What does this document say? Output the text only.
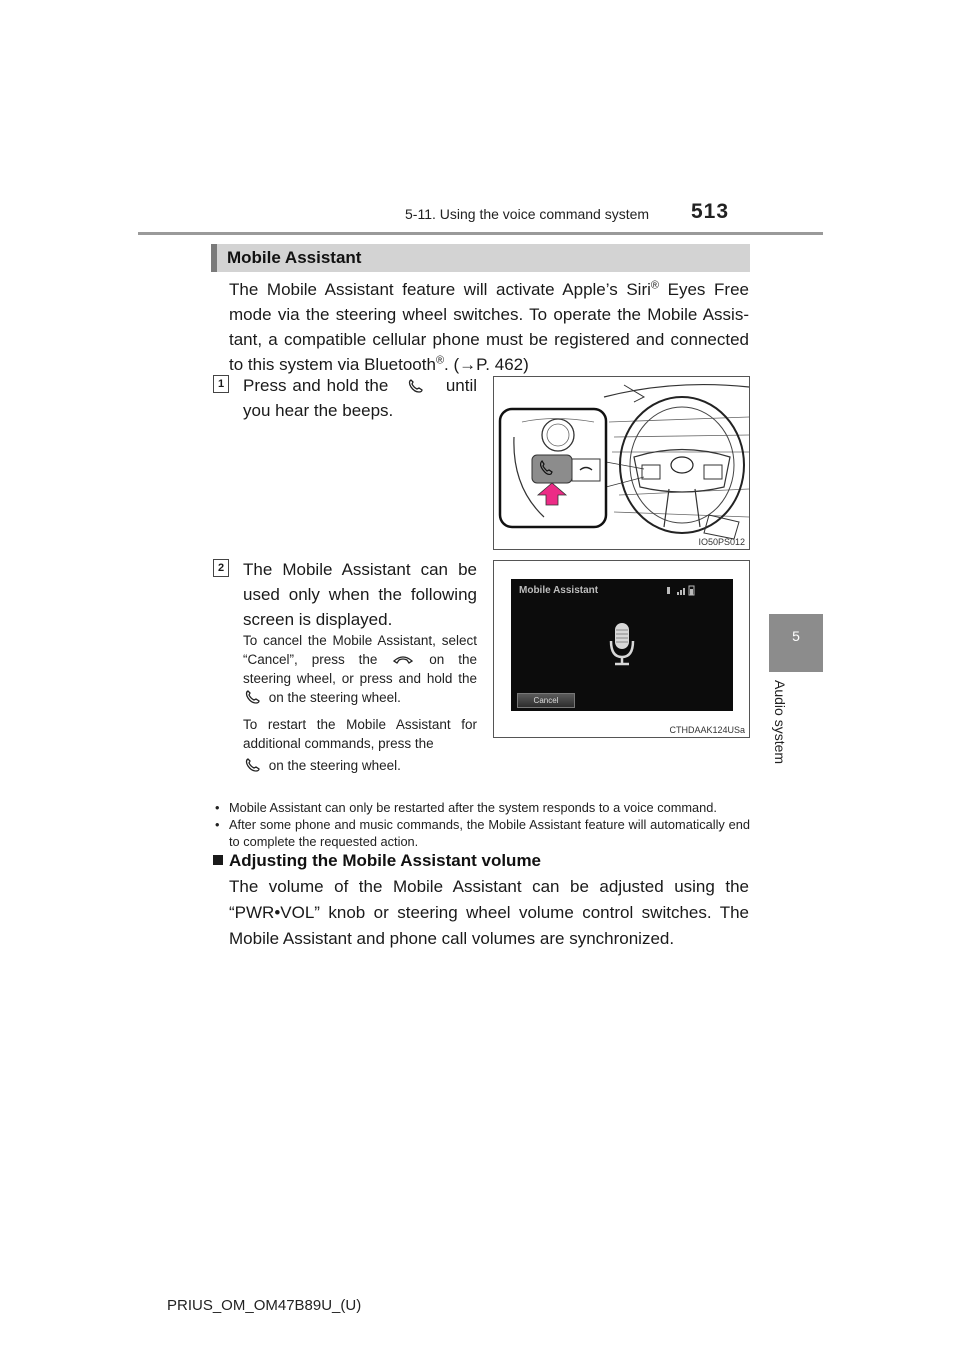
5-11. Using the voice command system 513
5
Audio system
Mobile Assistant
The Mobile Assistant feature will activate Apple’s Siri® Eyes Free mode via the steering wheel switches. To operate the Mobile Assis-tant, a compatible cellular phone must be registered and connected to this system via Bluetooth®. (→P. 462)
1 Press and hold the	until you hear the beeps.
IO50PS012
2 The Mobile Assistant can be used only when the following screen is displayed.
To cancel the Mobile Assistant, select “Cancel”, press the	on the steering wheel, or press and hold the  on the steering wheel.
To restart the Mobile Assistant for additional commands, press the
on the steering wheel.
Mobile Assistant
Cancel
CTHDAAK124USa
• Mobile Assistant can only be restarted after the system responds to a voice command.
• After some phone and music commands, the Mobile Assistant feature will automatically end to complete the requested action.
Adjusting the Mobile Assistant volume
The volume of the Mobile Assistant can be adjusted using the “PWR•VOL” knob or steering wheel volume control switches. The Mobile Assistant and phone call volumes are synchronized.
PRIUS_OM_OM47B89U_(U)
